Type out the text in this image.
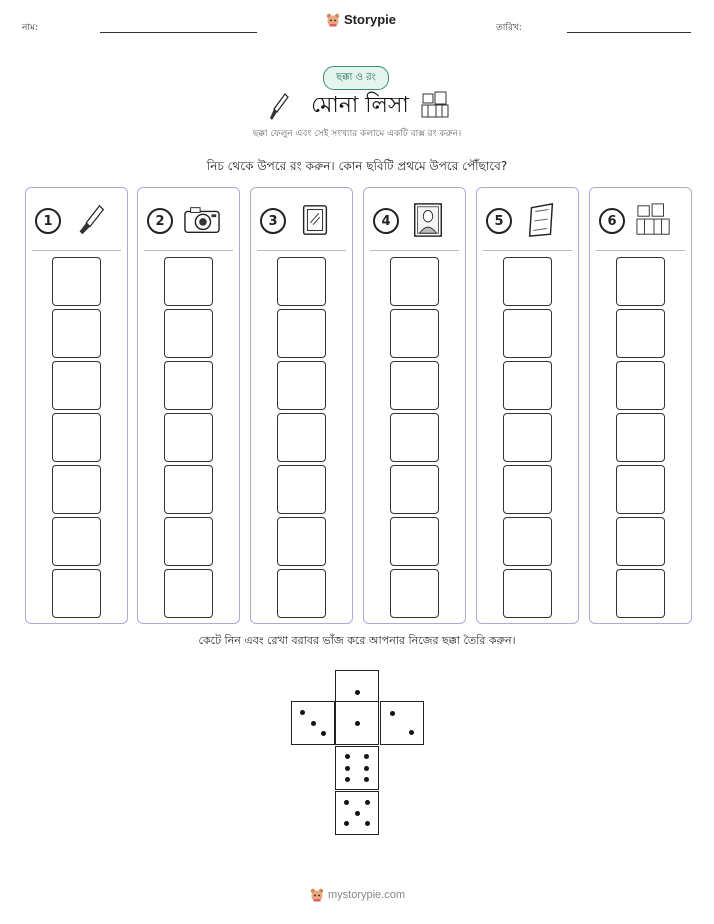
নাম:
Storypie
তারিখ:
ছক্কা ও রং
মোনা লিসা
ছক্কা ফেলুন এবং সেই সংখ্যার কলামে একটি বাক্স রং করুন।
নিচ থেকে উপরে রং করুন। কোন ছবিটি প্রথমে উপরে পৌঁছাবে?
1	2	3	4	5	6
কেটে নিন এবং রেখা বরাবর ভাঁজ করে আপনার নিজের ছক্কা তৈরি করুন।
mystorypie.com
